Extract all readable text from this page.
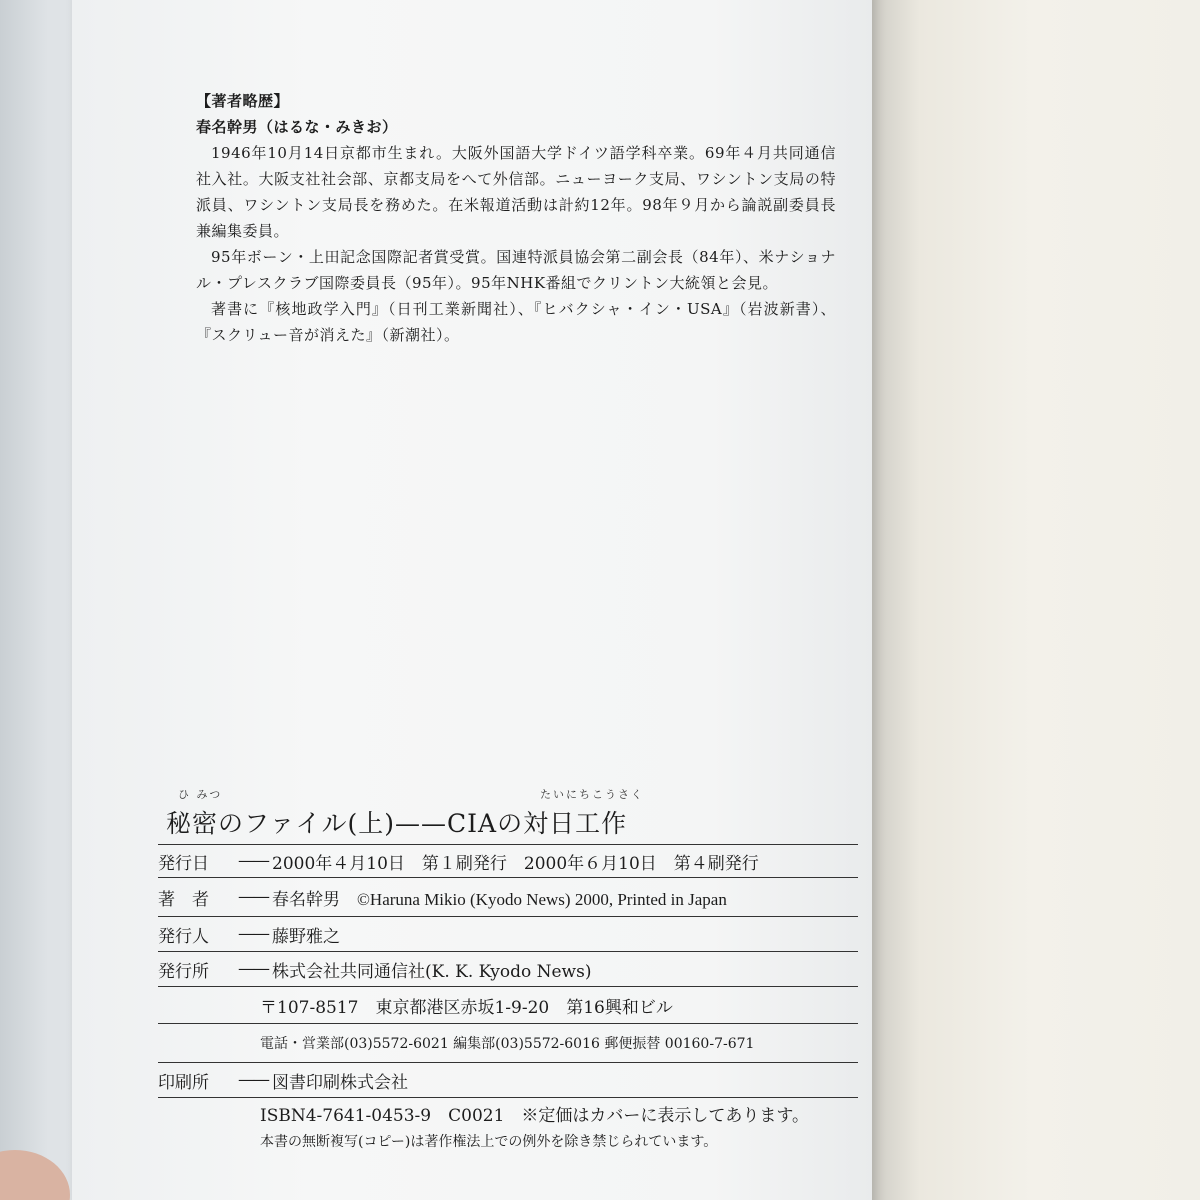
【著者略歴】
春名幹男（はるな・みきお）
1946年10月14日京都市生まれ。大阪外国語大学ドイツ語学科卒業。69年４月共同通信社入社。大阪支社社会部、京都支局をへて外信部。ニューヨーク支局、ワシントン支局の特派員、ワシントン支局長を務めた。在米報道活動は計約12年。98年９月から論説副委員長兼編集委員。
95年ボーン・上田記念国際記者賞受賞。国連特派員協会第二副会長（84年）、米ナショナル・プレスクラブ国際委員長（95年）。95年NHK番組でクリントン大統領と会見。
著書に『核地政学入門』（日刊工業新聞社）、『ヒバクシャ・イン・USA』（岩波新書）、『スクリュー音が消えた』（新潮社）。
ひ みつ	たいにちこうさく
秘密のファイル(上)——CIAの対日工作
発行日	—— 2000年４月10日　第１刷発行　2000年６月10日　第４刷発行
著　者	—— 春名幹男　©Haruna Mikio (Kyodo News) 2000, Printed in Japan
発行人	—— 藤野雅之
発行所	—— 株式会社共同通信社(K. K. Kyodo News)
〒107-8517　東京都港区赤坂1-9-20　第16興和ビル
電話・営業部(03)5572-6021 編集部(03)5572-6016 郵便振替 00160-7-671
印刷所	—— 図書印刷株式会社
ISBN4-7641-0453-9　C0021　※定価はカバーに表示してあります。
本書の無断複写(コピー)は著作権法上での例外を除き禁じられています。
